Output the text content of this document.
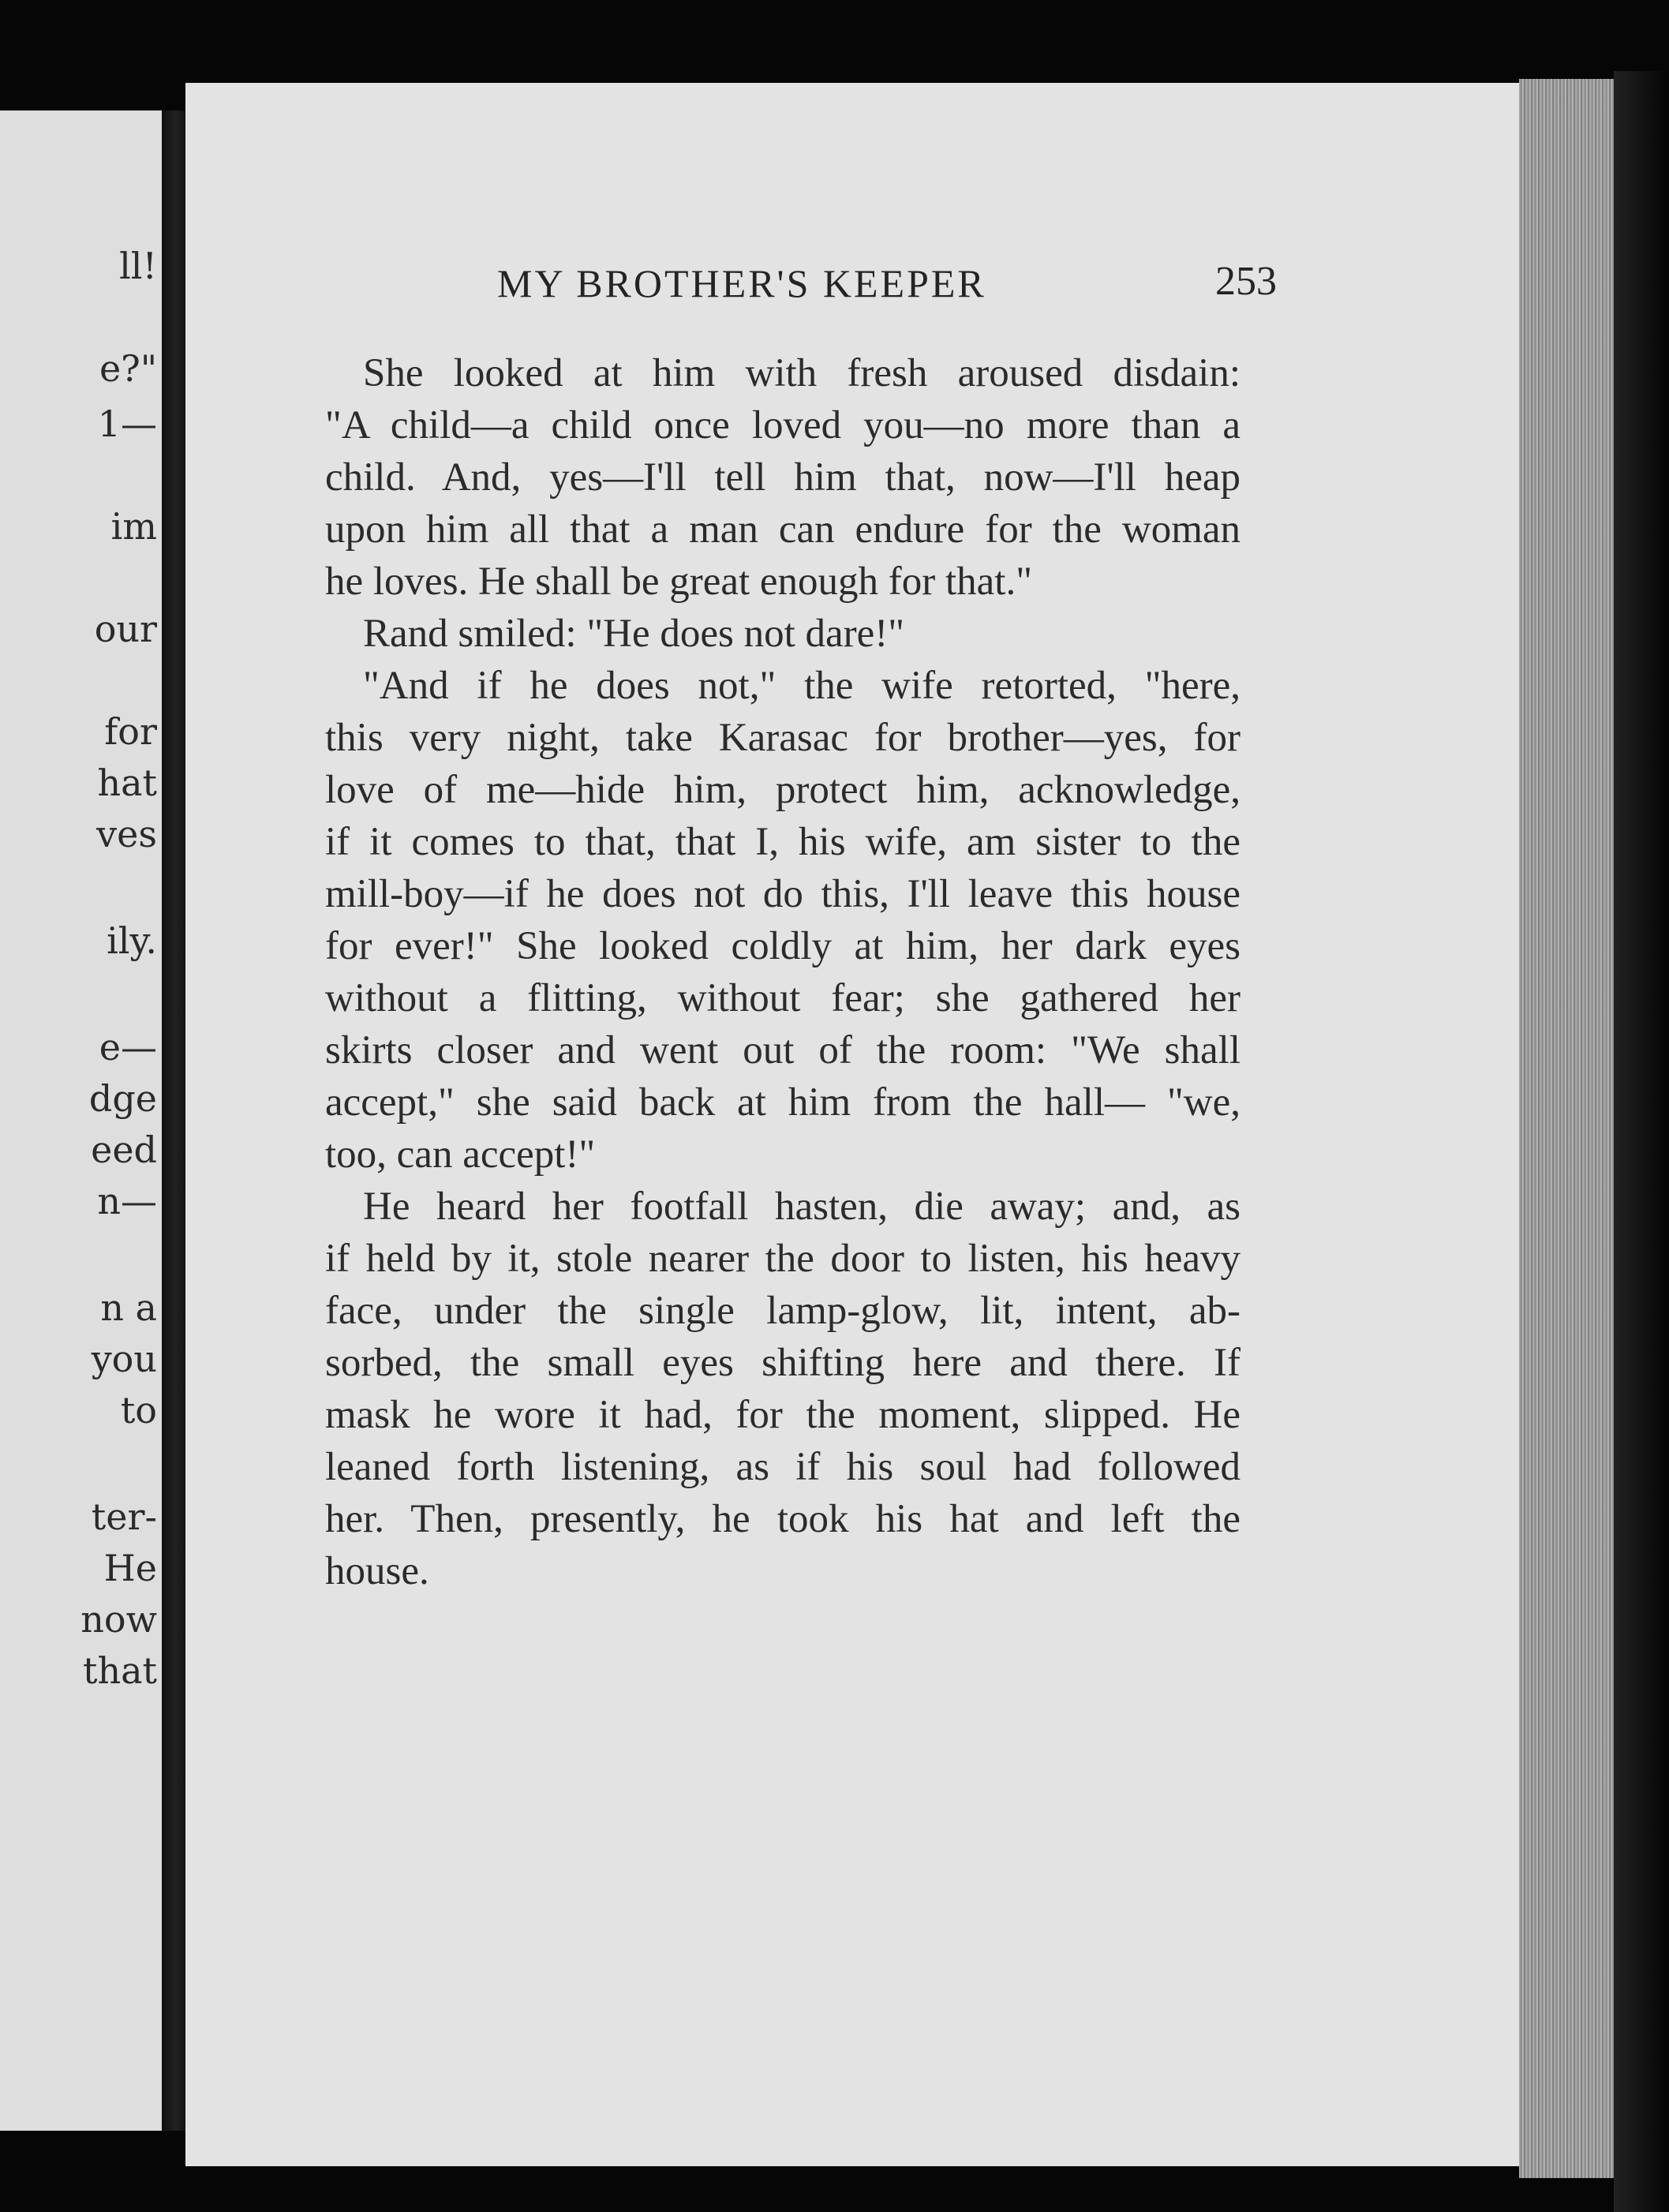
ll!
e?"
1—
im
our
for
hat
ves
ily.
e—
dge
eed
n—
n a
you
to
ter-
He
now
that
MY BROTHER'S KEEPER	253
She looked at him with fresh aroused disdain:
"A child—a child once loved you—no more than a
child. And, yes—I'll tell him that, now—I'll heap
upon him all that a man can endure for the woman
he loves. He shall be great enough for that."
Rand smiled: "He does not dare!"
"And if he does not," the wife retorted, "here,
this very night, take Karasac for brother—yes, for
love of me—hide him, protect him, acknowledge,
if it comes to that, that I, his wife, am sister to the
mill-boy—if he does not do this, I'll leave this house
for ever!" She looked coldly at him, her dark eyes
without a flitting, without fear; she gathered her
skirts closer and went out of the room: "We shall
accept," she said back at him from the hall— "we,
too, can accept!"
He heard her footfall hasten, die away; and, as
if held by it, stole nearer the door to listen, his heavy
face, under the single lamp-glow, lit, intent, ab-
sorbed, the small eyes shifting here and there. If
mask he wore it had, for the moment, slipped. He
leaned forth listening, as if his soul had followed
her. Then, presently, he took his hat and left the
house.
